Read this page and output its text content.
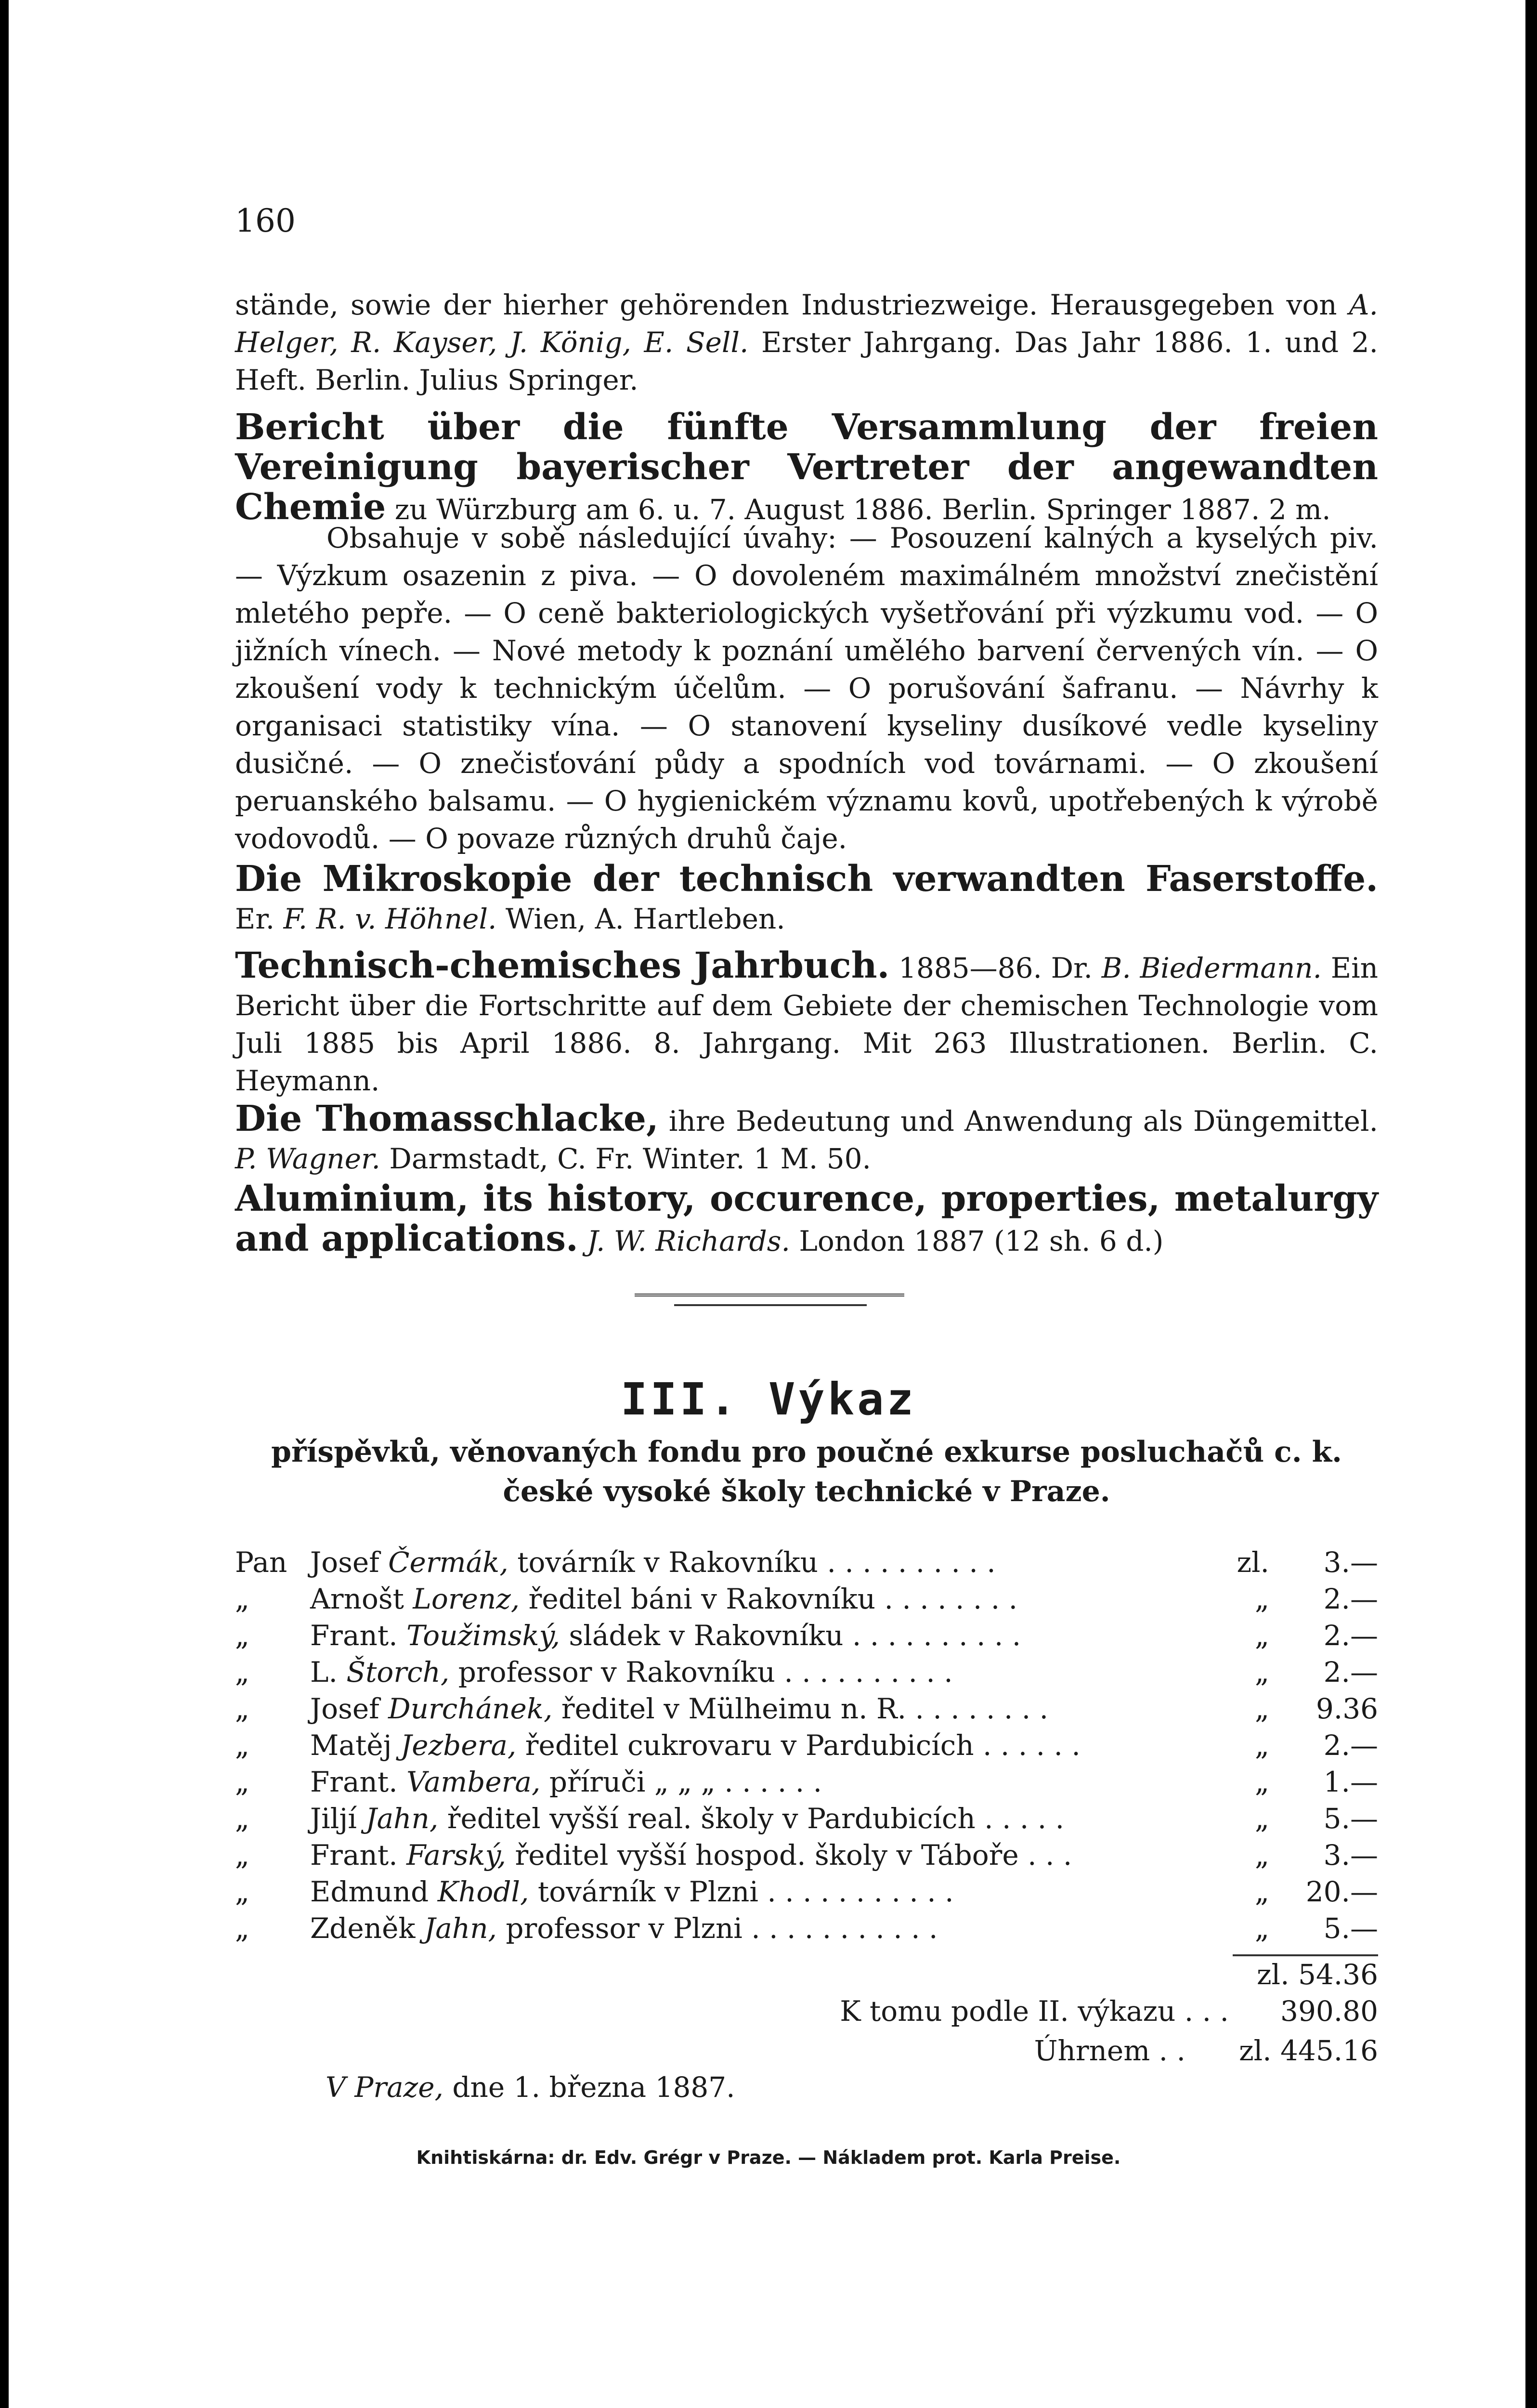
160
stände, sowie der hierher gehörenden Industriezweige. Herausgegeben von A. Helger, R. Kayser, J. König, E. Sell. Erster Jahrgang. Das Jahr 1886. 1. und 2. Heft. Berlin. Julius Springer.
Bericht über die fünfte Versammlung der freien Vereinigung bayerischer Vertreter der angewandten Chemie zu Würzburg am 6. u. 7. August 1886. Berlin. Springer 1887. 2 m.
Obsahuje v sobě následující úvahy: — Posouzení kalných a kyselých piv. — Výzkum osazenin z piva. — O dovoleném maximálném množství znečistění mletého pepře. — O ceně bakteriologických vyšetřování při výzkumu vod. — O jižních vínech. — Nové metody k poznání umělého barvení červených vín. — O zkoušení vody k technickým účelům. — O porušování šafranu. — Návrhy k organisaci statistiky vína. — O stanovení kyseliny dusíkové vedle kyseliny dusičné. — O znečisťování půdy a spodních vod továrnami. — O zkoušení peruanského balsamu. — O hygienickém významu kovů, upotřebených k výrobě vodovodů. — O povaze různých druhů čaje.
Die Mikroskopie der technisch verwandten Faserstoffe. Er. F. R. v. Höhnel. Wien, A. Hartleben.
Technisch-chemisches Jahrbuch. 1885—86. Dr. B. Biedermann. Ein Bericht über die Fortschritte auf dem Gebiete der chemischen Technologie vom Juli 1885 bis April 1886. 8. Jahrgang. Mit 263 Illustrationen. Berlin. C. Heymann.
Die Thomasschlacke, ihre Bedeutung und Anwendung als Düngemittel. P. Wagner. Darmstadt, C. Fr. Winter. 1 M. 50.
Aluminium, its history, occurence, properties, metalurgy and applications. J. W. Richards. London 1887 (12 sh. 6 d.)
III. Výkaz
příspěvků, věnovaných fondu pro poučné exkurse posluchačů c. k. české vysoké školy technické v Praze.
Pan Josef Čermák, továrník v Rakovníku . . . . . . . . . .	zl. 3.—
„ Arnošt Lorenz, ředitel báni v Rakovníku . . . . . . . .	„ 2.—
„ Frant. Toužimský, sládek v Rakovníku . . . . . . . . . .	„ 2.—
„ L. Štorch, professor v Rakovníku . . . . . . . . . .	„ 2.—
„ Josef Durchánek, ředitel v Mülheimu n. R. . . . . . . . .	„ 9.36
„ Matěj Jezbera, ředitel cukrovaru v Pardubicích . . . . . .	„ 2.—
„ Frant. Vambera, příruči „ „ „ . . . . . .	„ 1.—
„ Jiljí Jahn, ředitel vyšší real. školy v Pardubicích . . . . .	„ 5.—
„ Frant. Farský, ředitel vyšší hospod. školy v Táboře . . .	„ 3.—
„ Edmund Khodl, továrník v Plzni . . . . . . . . . . .	„ 20.—
„ Zdeněk Jahn, professor v Plzni . . . . . . . . . . .	„ 5.—
zl. 54.36
K tomu podle II. výkazu . . . 390.80
Úhrnem . . zl. 445.16
V Praze, dne 1. března 1887.
Knihtiskárna: dr. Edv. Grégr v Praze. — Nákladem prot. Karla Preise.
